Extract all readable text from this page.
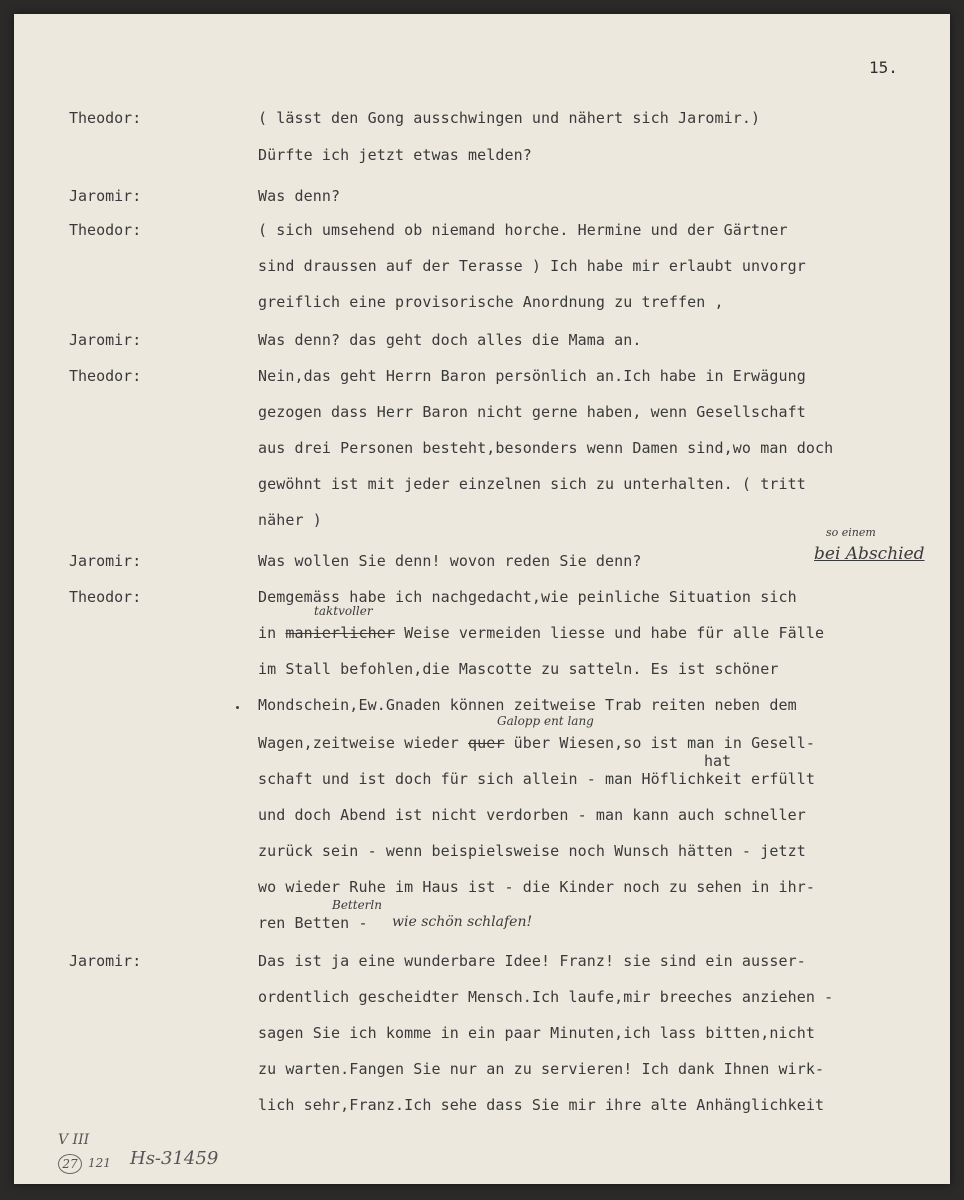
15.
Theodor:	( lässt den Gong ausschwingen und nähert sich Jaromir.)
Dürfte ich jetzt etwas melden?
Jaromir:	Was denn?
Theodor:	( sich umsehend ob niemand horche. Hermine und der Gärtner
sind draussen auf der Terasse ) Ich habe mir erlaubt unvorgr
greiflich eine provisorische Anordnung zu treffen ,
Jaromir:	Was denn? das geht doch alles die Mama an.
Theodor:	Nein,das geht Herrn Baron persönlich an.Ich habe in Erwägung
gezogen dass Herr Baron nicht gerne haben, wenn Gesellschaft
aus drei Personen besteht,besonders wenn Damen sind,wo man doch
gewöhnt ist mit jeder einzelnen sich zu unterhalten. ( tritt
näher )
Jaromir:	Was wollen Sie denn! wovon reden Sie denn?
so einem
bei Abschied
Theodor:	Demgemäss habe ich nachgedacht,wie peinliche Situation sich
taktvoller
in manierlicher Weise vermeiden liesse und habe für alle Fälle
im Stall befohlen,die Mascotte zu satteln. Es ist schöner
Mondschein,Ew.Gnaden können zeitweise Trab reiten neben dem
Galopp ent lang
Wagen,zeitweise wieder quer über Wiesen,so ist man in Gesell-
hat
schaft und ist doch für sich allein - man Höflichkeit erfüllt
und doch Abend ist nicht verdorben - man kann auch schneller
zurück sein - wenn beispielsweise noch Wunsch hätten - jetzt
wo wieder Ruhe im Haus ist - die Kinder noch zu sehen in ihr-
Betterln
ren Betten - wie schön schlafen!
Jaromir:	Das ist ja eine wunderbare Idee! Franz! sie sind ein ausser-
ordentlich gescheidter Mensch.Ich laufe,mir breeches anziehen -
sagen Sie ich komme in ein paar Minuten,ich lass bitten,nicht
zu warten.Fangen Sie nur an zu servieren! Ich dank Ihnen wirk-
lich sehr,Franz.Ich sehe dass Sie mir ihre alte Anhänglichkeit
V III
27 121 Hs-31459
